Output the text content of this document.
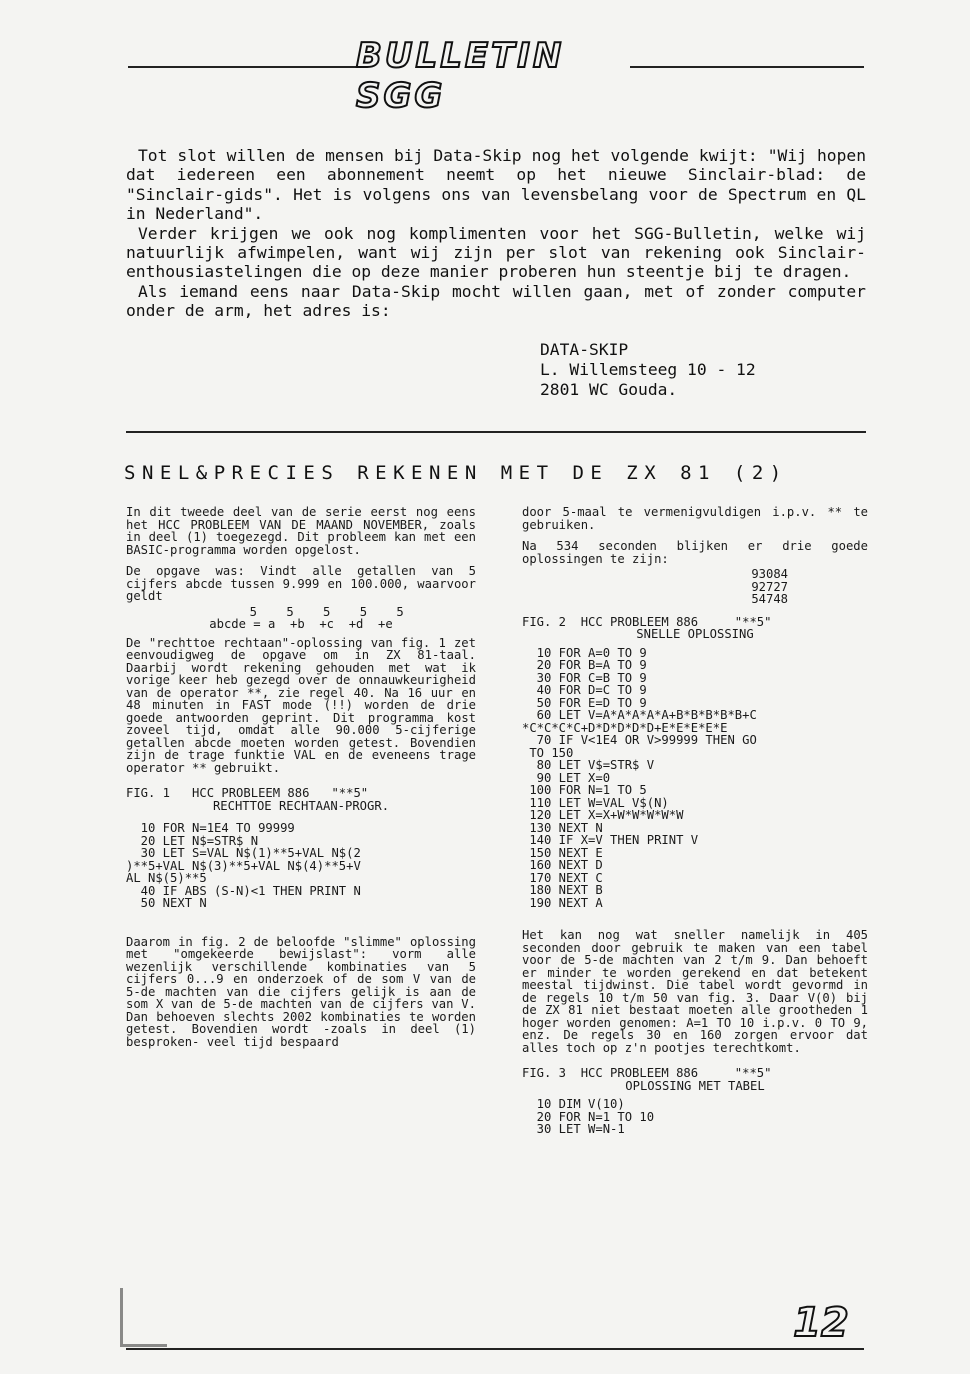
BULLETIN SGG

Tot slot willen de mensen bij Data-Skip nog het volgende kwijt: "Wij hopen dat iedereen een abonnement neemt op het nieuwe Sinclair-blad: de "Sinclair-gids". Het is volgens ons van levensbelang voor de Spectrum en QL in Nederland".

Verder krijgen we ook nog komplimenten voor het SGG-Bulletin, welke wij natuurlijk afwimpelen, want wij zijn per slot van rekening ook Sinclair-enthousiastelingen die op deze manier proberen hun steentje bij te dragen.

Als iemand eens naar Data-Skip mocht willen gaan, met of zonder computer onder de arm, het adres is:

DATA-SKIP
L. Willemsteeg 10 - 12
2801 WC Gouda.
SNEL&PRECIES REKENEN MET DE ZX 81 (2)

In dit tweede deel van de serie eerst nog eens het HCC PROBLEEM VAN DE MAAND NOVEMBER, zoals in deel (1) toegezegd. Dit probleem kan met een BASIC-programma worden opgelost.

De opgave was: Vindt alle getallen van 5 cijfers abcde tussen 9.999 en 100.000, waarvoor geldt

5    5    5    5    5
abcde = a  +b  +c  +d  +e

De "rechttoe rechtaan"-oplossing van fig. 1 zet eenvoudigweg de opgave om in ZX 81-taal. Daarbij wordt rekening gehouden met wat ik vorige keer heb gezegd over de onnauwkeurigheid van de operator **, zie regel 40. Na 16 uur en 48 minuten in FAST mode (!!) worden de drie goede antwoorden geprint. Dit programma kost zoveel tijd, omdat alle 90.000 5-cijferige getallen abcde moeten worden getest. Bovendien zijn de trage funktie VAL en de eveneens trage operator ** gebruikt.

FIG. 1   HCC PROBLEEM 886   "**5"
RECHTTOE RECHTAAN-PROGR.
10 FOR N=1E4 TO 99999
20 LET N$=STR$ N
30 LET S=VAL N$(1)**5+VAL N$(2
)**5+VAL N$(3)**5+VAL N$(4)**5+V
AL N$(5)**5
40 IF ABS (S-N)<1 THEN PRINT N
50 NEXT N

Daarom in fig. 2 de beloofde "slimme" oplossing met "omgekeerde bewijslast": vorm alle wezenlijk verschillende kombinaties van 5 cijfers 0...9 en onderzoek of de som V van de 5-de machten van die cijfers gelijk is aan de som X van de 5-de machten van de cijfers van V. Dan behoeven slechts 2002 kombinaties te worden getest. Bovendien wordt -zoals in deel (1) besproken- veel tijd bespaard

door 5-maal te vermenigvuldigen i.p.v. ** te gebruiken.

Na 534 seconden blijken er drie goede oplossingen te zijn:

93084
92727
54748
FIG. 2  HCC PROBLEEM 886     "**5"
SNELLE OPLOSSING
10 FOR A=0 TO 9
20 FOR B=A TO 9
30 FOR C=B TO 9
40 FOR D=C TO 9
50 FOR E=D TO 9
60 LET V=A*A*A*A*A+B*B*B*B*B+C
*C*C*C*C+D*D*D*D*D+E*E*E*E*E
70 IF V<1E4 OR V>99999 THEN GO
TO 150
80 LET V$=STR$ V
90 LET X=0
100 FOR N=1 TO 5
110 LET W=VAL V$(N)
120 LET X=X+W*W*W*W*W
130 NEXT N
140 IF X=V THEN PRINT V
150 NEXT E
160 NEXT D
170 NEXT C
180 NEXT B
190 NEXT A

Het kan nog wat sneller namelijk in 405 seconden door gebruik te maken van een tabel voor de 5-de machten van 2 t/m 9. Dan behoeft er minder te worden gerekend en dat betekent meestal tijdwinst. Die tabel wordt gevormd in de regels 10 t/m 50 van fig. 3. Daar V(0) bij de ZX 81 niet bestaat moeten alle grootheden 1 hoger worden genomen: A=1 TO 10 i.p.v. 0 TO 9, enz. De regels 30 en 160 zorgen ervoor dat alles toch op z'n pootjes terechtkomt.

FIG. 3  HCC PROBLEEM 886     "**5"
OPLOSSING MET TABEL
10 DIM V(10)
20 FOR N=1 TO 10
30 LET W=N-1
12
